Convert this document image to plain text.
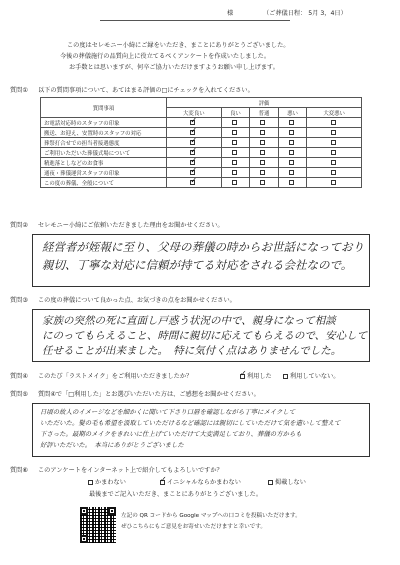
様	（ご葬儀日程： 5月 3，4日）
この度はセレモニー小綺にご縁をいただき、まことにありがとうございました。
今後の葬儀施行の品質向上に役立てるべくアンケートを作成いたしました。
お手数とは思いますが、何卒ご協力いただけますようお願い申し上げます。
質問① 以下の質問事項について、あてはまる評価の□にチェックを入れてください。
質問事項	評価				
	大変良い	良い	普通	悪い	大変悪い
お電話対応時のスタッフの印象	✓				
搬送、お迎え、安置時のスタッフの対応	✓				
葬祭打合せでの担当者接遇態度	✓				
ご利用いただいた葬儀式場について	✓				
精進落としなどのお食事	✓				
通夜・葬儀運営スタッフの印象	✓				
この度の葬儀、全般について	✓				
質問② セレモニー小綺にご依頼いただきました理由をお聞かせください。
経営者が姪報に至り、父母の葬儀の時からお世話になっており
親切、丁寧な対応に信頼が持てる対応をされる会社なので。
質問③ この度の葬儀について良かった点、お気づきの点をお聞かせください。
家族の突然の死に直面し戸惑う状況の中で、親身になって相談
にのってもらえること、時間に親切に応えてもらえるので、安心して
任せることが出来ました。　特に気付く点はありませんでした。
質問④ このたび「ラストメイク」をご利用いただきましたか？ ✓	利用した	利用していない。
質問⑤ 質問④で「□利用した」とお選びいただいた方は、ご感想をお聞かせください。
日頃の故人のイメージなどを細かくに聞いて下さり口唇を確認しながら丁寧にメイクして
いただいた。髪の毛も希望を汲取していただけるなど確認には親切にしていただけて気を遣いして整えて
下さった。最期のメイクをきれいに仕上げていただけて大変満足しており、葬儀の方からも
好評いただいた。　本当にありがとうございました
質問⑥ このアンケートをインターネット上で紹介してもよろしいですか？
かまわない ✓	イニシャルならかまわない	掲載しない
最後までご記入いただき、まことにありがとうございました。
左記の QR コードから Google マップへの口コミを投稿いただけます。
ぜひこちらにもご意見をお寄せいただけますと幸いです。
